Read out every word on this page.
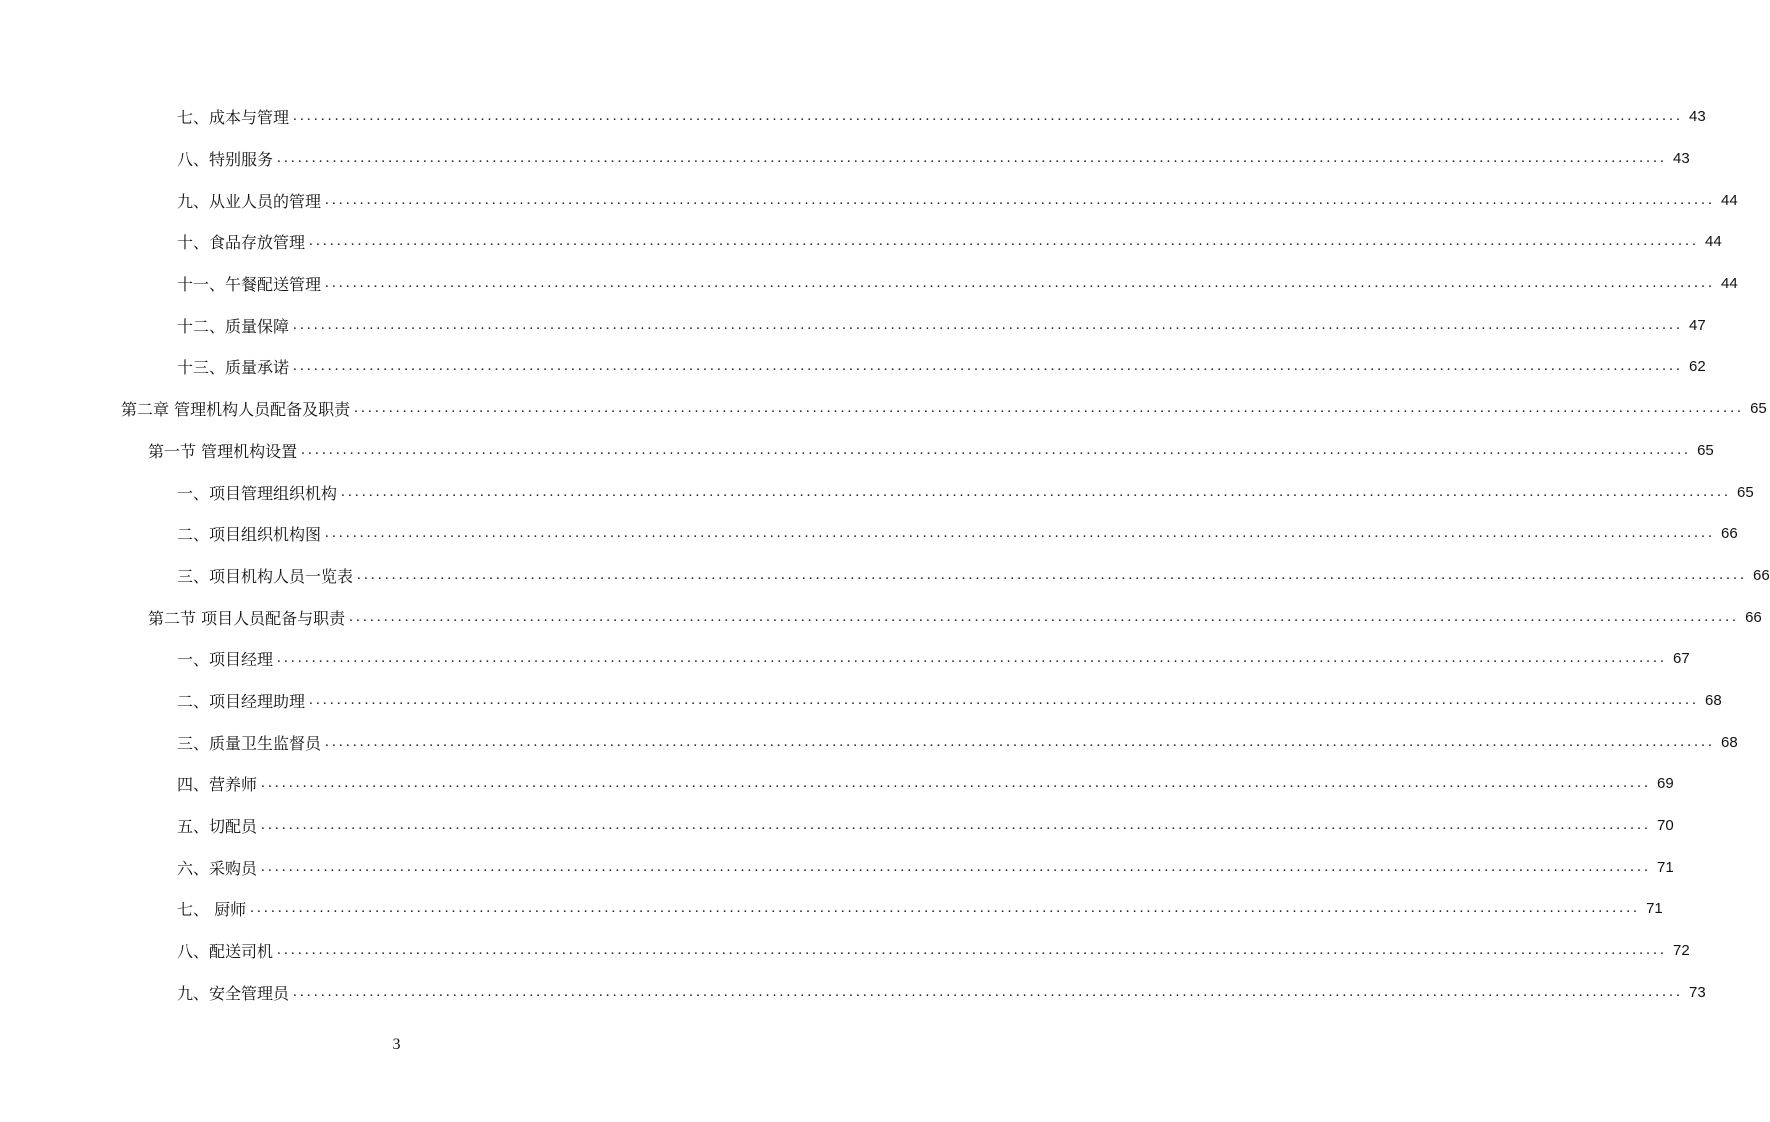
七、成本与管理 ........................................................................................................................................................................................................ 43
八、特别服务 ........................................................................................................................................................................................................ 43
九、从业人员的管理 ........................................................................................................................................................................................................ 44
十、食品存放管理 ........................................................................................................................................................................................................ 44
十一、午餐配送管理 ........................................................................................................................................................................................................ 44
十二、质量保障 ........................................................................................................................................................................................................ 47
十三、质量承诺 ........................................................................................................................................................................................................ 62
第二章 管理机构人员配备及职责 ........................................................................................................................................................................................................ 65
第一节 管理机构设置 ........................................................................................................................................................................................................ 65
一、项目管理组织机构 ........................................................................................................................................................................................................ 65
二、项目组织机构图 ........................................................................................................................................................................................................ 66
三、项目机构人员一览表 ........................................................................................................................................................................................................ 66
第二节 项目人员配备与职责 ........................................................................................................................................................................................................ 66
一、项目经理 ........................................................................................................................................................................................................ 67
二、项目经理助理 ........................................................................................................................................................................................................ 68
三、质量卫生监督员 ........................................................................................................................................................................................................ 68
四、营养师 ........................................................................................................................................................................................................ 69
五、切配员 ........................................................................................................................................................................................................ 70
六、采购员 ........................................................................................................................................................................................................ 71
七、 厨师 ........................................................................................................................................................................................................ 71
八、配送司机 ........................................................................................................................................................................................................ 72
九、安全管理员 ........................................................................................................................................................................................................ 73
3
